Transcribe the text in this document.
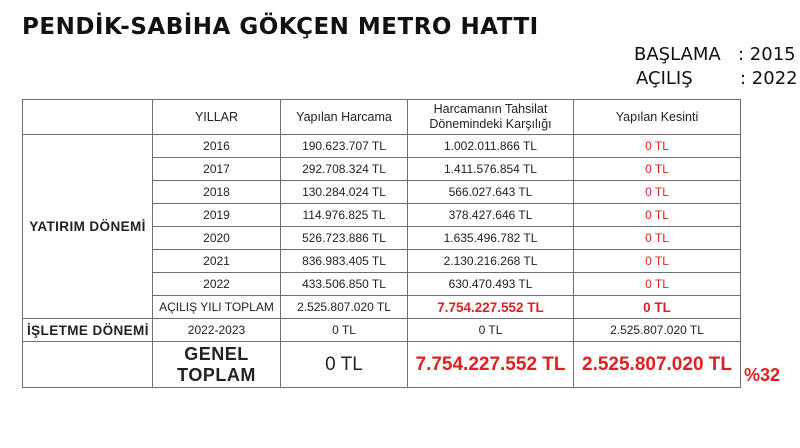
PENDİK-SABİHA GÖKÇEN METRO HATTI
BAŞLAMA : 2015
AÇILIŞ	: 2022
	YILLAR	Yapılan Harcama	Harcamanın Tahsilat
Dönemindeki Karşılığı	Yapılan Kesinti
YATIRIM DÖNEMİ	2016	190.623.707 TL	1.002.011.866 TL	0 TL
	2017	292.708.324 TL	1.411.576.854 TL	0 TL
	2018	130.284.024 TL	566.027.643 TL	0 TL
	2019	114.976.825 TL	378.427.646 TL	0 TL
	2020	526.723.886 TL	1.635.496.782 TL	0 TL
	2021	836.983.405 TL	2.130.216.268 TL	0 TL
	2022	433.506.850 TL	630.470.493 TL	0 TL
	AÇILIŞ YILI TOPLAM	2.525.807.020 TL	7.754.227.552 TL	0 TL
İŞLETME DÖNEMİ	2022-2023	0 TL	0 TL	2.525.807.020 TL

	GENEL
TOPLAM	0 TL	7.754.227.552 TL	2.525.807.020 TL
%32
